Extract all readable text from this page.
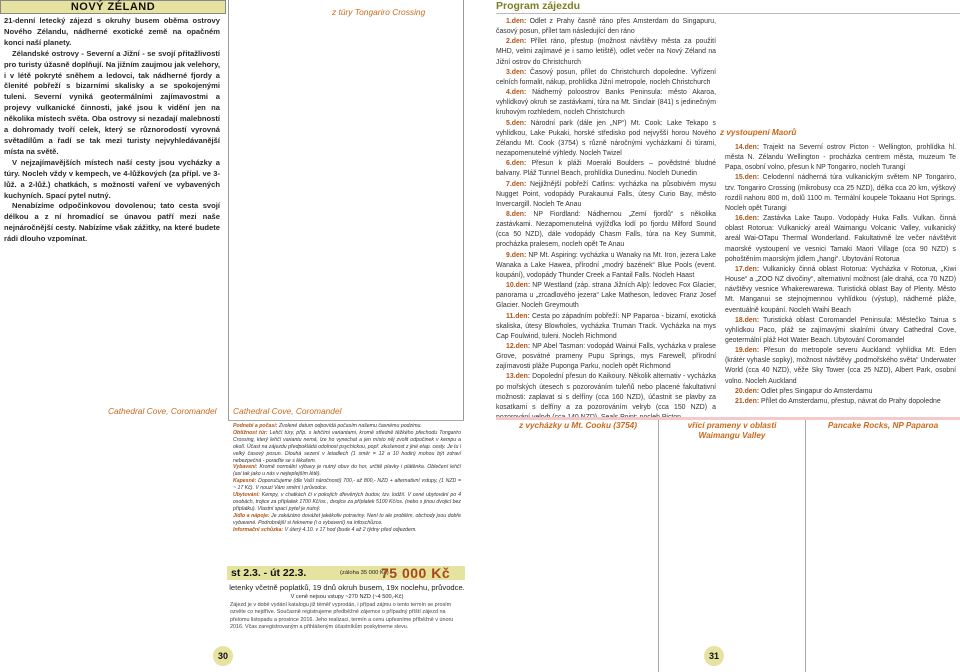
NOVÝ ZÉLAND

21-denní letecký zájezd s okruhy busem oběma ostrovy Nového Zélandu, nádherné exotické země na opačném konci naší planety.

Zélandské ostrovy - Severní a Jižní - se svojí přitažlivostí pro turisty úžasně doplňují. Na jižním zaujmou jak velehory, i v létě pokryté sněhem a ledovci, tak nádherné fjordy a členité pobřeží s bizarními skalisky a se spokojenými tuleni. Severní vyniká geotermálními zajímavostmi a projevy vulkanické činnosti, jaké jsou k vidění jen na několika místech světa. Oba ostrovy si nezadají malebností a dohromady tvoří celek, který se různorodostí vyrovná světadílům a řadí se tak mezi turisty nejvyhledávanější místa na světě.

V nejzajímavějších místech naší cesty jsou vycházky a túry. Nocleh vždy v kempech, ve 4-lůžkových (za přípl. ve 3-lůž. a 2-lůž.) chatkách, s možností vaření ve vybavených kuchyních. Spací pytel nutný.

Nenabízíme odpočinkovou dovolenou; tato cesta svojí délkou a z ní hromadící se únavou patří mezi naše nejnáročnější cesty. Nabízíme však zážitky, na které budete rádi dlouho vzpomínat.

Cathedral Cove, Coromandel
z túry Tongariro Crossing
Cathedral Cove, Coromandel

Podnebí a počasí: Zvolené datum odpovídá počasím našemu časnému podzimu.

Obtížnost túr: Lehčí túry, příp. s lehčími variantami, kromě středně těžkého přechodu Tongariro Crossing, který lehčí variantu nemá, lze ho vynechat a jen místo něj zvolit odpočinek v kempu a okolí. Účast na zájezdu předpokládá odolnost psychickou, popř. zkušenost z jiné etap. cesty. Je tu i velký časový posun. Dlouhá sezení v letadlech (1 směr = 12 a 10 hodin) mohou být zdraví nebezpečná - poraďte se s lékařem.

Vybavení: Kromě normální výbavy je nutný obuv do hor, určitě plavky i plátěnka. Oblečení lehčí (asi tak jako u nás v nejteplejším létě).

Kapesné: Doporučujeme (dle Vaší náročnosti) 700,- až 800,- NZD + alternativní vstupy, (1 NZD = ~ 17 Kč). V nouzi Vám smění i průvodce.

Ubytování: Kempy, v chatkách či v pokojích dřevěných budov, tzv. lodžií. V cené ubytování po 4 osobách, trojice za příplatek 1700 Kč/os., dvojice za příplatek 5100 Kč/os. (nebo s jinou dvojicí bez příplatku). Vlastní spací pytel je nutný.

Jídlo a nápoje: Je zakázáno dovážet jakékoliv potraviny. Není to ale problém, obchody jsou dobře vybavené. Podrobnější si řekneme (i o vybavení) na infoschůzce.

Informační schůzka: V úterý 4.10. v 17 hod (bude 4 až 2 týdny před odjezdem.

st 2.3. - út 22.3.	(záloha 35 000 Kč)
75 000 Kč
letenky včetně poplatků, 19 dnů okruh busem, 19x noclehu, průvodce.
V ceně nejsou vstupy ~270 NZD (~4 500,-Kč)
Zájezd je v době vydání katalogu již téměř vyprodán, i případ zájmu o tento termín se prosím ozvěte co nejdříve. Současně registrujeme předběžné zájemce o případný příští zájezd na přelomu listopadu a prosince 2016. Jeho realizaci, termín a cenu upřesníme příběžně v únoru 2016. Včas zaregistrovaným a přihlášeným účastníkům poskytneme slevu.
30
Program zájezdu

1.den: Odlet z Prahy časně ráno přes Amsterdam do Singapuru, časový posun, přílet tam následující den ráno

2.den: Přílet ráno, přestup (možnost návštěvy města za použití MHD, velmi zajímavé je i samo letiště), odlet večer na Nový Zéland na Jižní ostrov do Christchurch

3.den: Časový posun, přílet do Christchurch dopoledne. Vyřízení celních formalit, nákup, prohlídka Jižní metropole, nocleh Christchurch

4.den: Nádherný poloostrov Banks Peninsula: město Akaroa, vyhlídkový okruh se zastávkami, túra na Mt. Sinclair (841) s jedinečným kruhovým rozhledem, nocleh Christchurch

5.den: Národní park (dále jen „NP“) Mt. Cook: Lake Tekapo s vyhlídkou, Lake Pukaki, horské středisko pod nejvyšší horou Nového Zélandu Mt. Cook (3754) s různě náročnými vycházkami či túrami, nezapomenutelné výhledy. Nocleh Twizel

6.den: Přesun k pláži Moeraki Boulders – povědstné bludné balvany. Pláž Tunnel Beach, prohlídka Dunedinu. Nocleh Dunedin

7.den: Nejjižnější pobřeží Catlins: vycházka na působivém mysu Nugget Point, vodopády Purakaunui Falls, útesy Curio Bay, město Invercargill. Nocleh Te Anau

8.den: NP Fiordland: Nádhernou „Zemí fjordů“ s několika zastávkami. Nezapomenutelná vyjížďka lodí po fjordu Milford Sound (cca 50 NZD), dále vodopády Chasm Falls, túra na Key Summit, procházka pralesem, nocleh opět Te Anau

9.den: NP Mt. Aspiring: vycházka u Wanaky na Mt. Iron, jezera Lake Wanaka a Lake Hawea, přírodní „modrý bazének“ Blue Pools (event. koupání), vodopády Thunder Creek a Fantail Falls. Nocleh Haast

10.den: NP Westland (záp. strana Jižních Alp): ledovec Fox Glacier, panorama u „zrcadlového jezera“ Lake Matheson, ledovec Franz Josef Glacier. Nocleh Greymouth

11.den: Cesta po západním pobřeží: NP Paparoa - bizarní, exotická skaliska, útesy Blowholes, vycházka Truman Track. Vycházka na mys Cap Foulwind, tuleni. Nocleh Richmond

12.den: NP Abel Tasman: vodopád Wainui Falls, vycházka v pralese Grove, posvátné prameny Pupu Springs, mys Farewell, přírodní zajímavosti pláže Puponga Parku, nocleh opět Richmond

13.den: Dopolední přesun do Kaikoury. Několik alternativ - vycházka po mořských útesech s pozorováním tuleňů nebo placené fakultativní možnosti: zaplavat si s delfíny (cca 160 NZD), účastnit se plavby za kosatkami s delfíny a za pozorováním velryb (cca 150 NZD) a

z vystoupení Maorů

14.den: Trajekt na Severní ostrov Picton - Wellington, prohlídka hl. města N. Zélandu Wellington - procházka centrem města, muzeum Te Papa, osobní volno, přesun k NP Tongariro, nocleh Turangi

15.den: Celodenní nádherná túra vulkanickým světem NP Tongariro, tzv. Tongariro Crossing (mikrobusy cca 25 NZD), délka cca 20 km, výškový rozdíl nahoru 800 m, dolů 1100 m. Termální koupele Tokaanu Hot Springs. Nocleh opět Turangi

16.den: Zastávka Lake Taupo. Vodopády Huka Falls. Vulkan. činná oblast Rotorua: Vulkanický areál Waimangu Volcanic Valley, vulkanický areál Wai-OTapu Thermal Wonderland. Fakultativně lze večer návštěvit maorské vystoupení ve vesnici Tamaki Maori Village (cca 90 NZD) s pohoštěním maorským jídlem „hangi“. Ubytování Rotorua

17.den: Vulkanicky činná oblast Rotorua: Vycházka v Rotorua, „Kiwi House“ a „ZOO NZ divočiny“, alternativní možnost (ale drahá, cca 70 NZD) návštěvy vesnice Whakerewarewa. Turistická oblast Bay of Plenty. Město Mt. Manganui se stejnojmennou vyhlídkou (výstup), nádherné pláže, eventuálně koupání. Nocleh Waihi Beach

18.den: Turistická oblast Coromandel Peninsula: Městečko Tairua s vyhlídkou Paco, pláž se zajímavými skalními útvary Cathedral Cove, geotermální pláž Hot Water Beach. Ubytování Coromandel

19.den: Přesun do metropole severu Auckland: vyhlídka Mt. Eden (krátér vyhasle sopky), možnost návštěvy „podmořského světa“ Underwater World (cca 40 NZD), věže Sky Tower (cca 25 NZD), Albert Park, osobní volno. Nocleh Auckland

20.den: Odlet přes Singapur do Amsterdamu

21.den: Přílet do Amsterdamu, přestup, návrat do Prahy dopoledne

z vycházky u Mt. Cooku (3754)	vřící prameny v oblasti Waimangu Valley
Pancake Rocks, NP Paparoa
31
